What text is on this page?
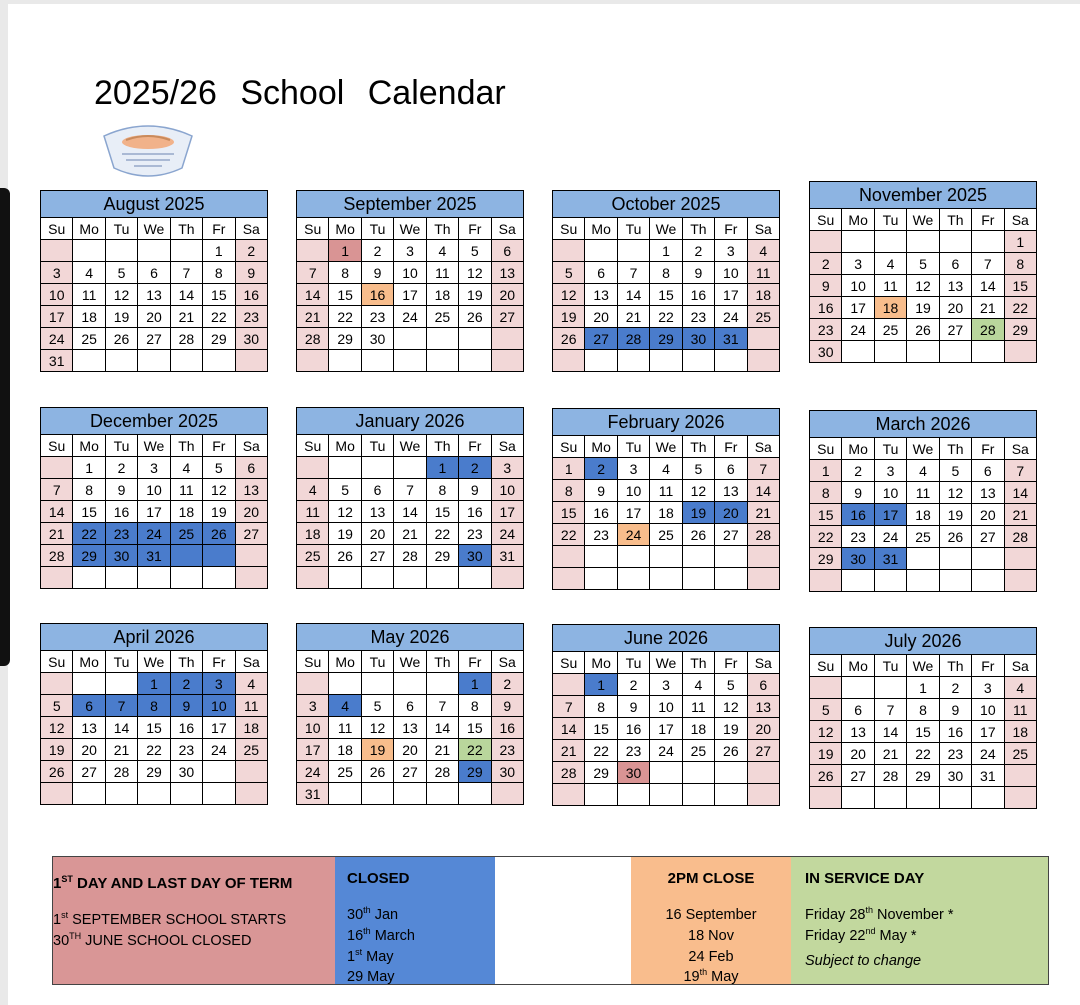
2025/26 School Calendar
August 2025						
Su	Mo	Tu	We	Th	Fr	Sa
					1	2
3	4	5	6	7	8	9
10	11	12	13	14	15	16
17	18	19	20	21	22	23
24	25	26	27	28	29	30
31						
September 2025						
Su	Mo	Tu	We	Th	Fr	Sa
	1	2	3	4	5	6
7	8	9	10	11	12	13
14	15	16	17	18	19	20
21	22	23	24	25	26	27
28	29	30				

October 2025						
Su	Mo	Tu	We	Th	Fr	Sa
			1	2	3	4
5	6	7	8	9	10	11
12	13	14	15	16	17	18
19	20	21	22	23	24	25
26	27	28	29	30	31	

November 2025						
Su	Mo	Tu	We	Th	Fr	Sa
						1
2	3	4	5	6	7	8
9	10	11	12	13	14	15
16	17	18	19	20	21	22
23	24	25	26	27	28	29
30						
December 2025						
Su	Mo	Tu	We	Th	Fr	Sa
	1	2	3	4	5	6
7	8	9	10	11	12	13
14	15	16	17	18	19	20
21	22	23	24	25	26	27
28	29	30	31			

January 2026						
Su	Mo	Tu	We	Th	Fr	Sa
				1	2	3
4	5	6	7	8	9	10
11	12	13	14	15	16	17
18	19	20	21	22	23	24
25	26	27	28	29	30	31

February 2026						
Su	Mo	Tu	We	Th	Fr	Sa
1	2	3	4	5	6	7
8	9	10	11	12	13	14
15	16	17	18	19	20	21
22	23	24	25	26	27	28

March 2026						
Su	Mo	Tu	We	Th	Fr	Sa
1	2	3	4	5	6	7
8	9	10	11	12	13	14
15	16	17	18	19	20	21
22	23	24	25	26	27	28
29	30	31				

April 2026						
Su	Mo	Tu	We	Th	Fr	Sa
			1	2	3	4
5	6	7	8	9	10	11
12	13	14	15	16	17	18
19	20	21	22	23	24	25
26	27	28	29	30		

May 2026						
Su	Mo	Tu	We	Th	Fr	Sa
					1	2
3	4	5	6	7	8	9
10	11	12	13	14	15	16
17	18	19	20	21	22	23
24	25	26	27	28	29	30
31						
June 2026						
Su	Mo	Tu	We	Th	Fr	Sa
	1	2	3	4	5	6
7	8	9	10	11	12	13
14	15	16	17	18	19	20
21	22	23	24	25	26	27
28	29	30				

July 2026						
Su	Mo	Tu	We	Th	Fr	Sa
			1	2	3	4
5	6	7	8	9	10	11
12	13	14	15	16	17	18
19	20	21	22	23	24	25
26	27	28	29	30	31	

1ST DAY AND LAST DAY OF TERM
1st SEPTEMBER SCHOOL STARTS
30TH JUNE SCHOOL CLOSED
CLOSED
30th Jan
16th March
1st May
29 May
2PM CLOSE
16 September
18 Nov
24 Feb
19th May
IN SERVICE DAY
Friday 28th November *
Friday 22nd May *
Subject to change
